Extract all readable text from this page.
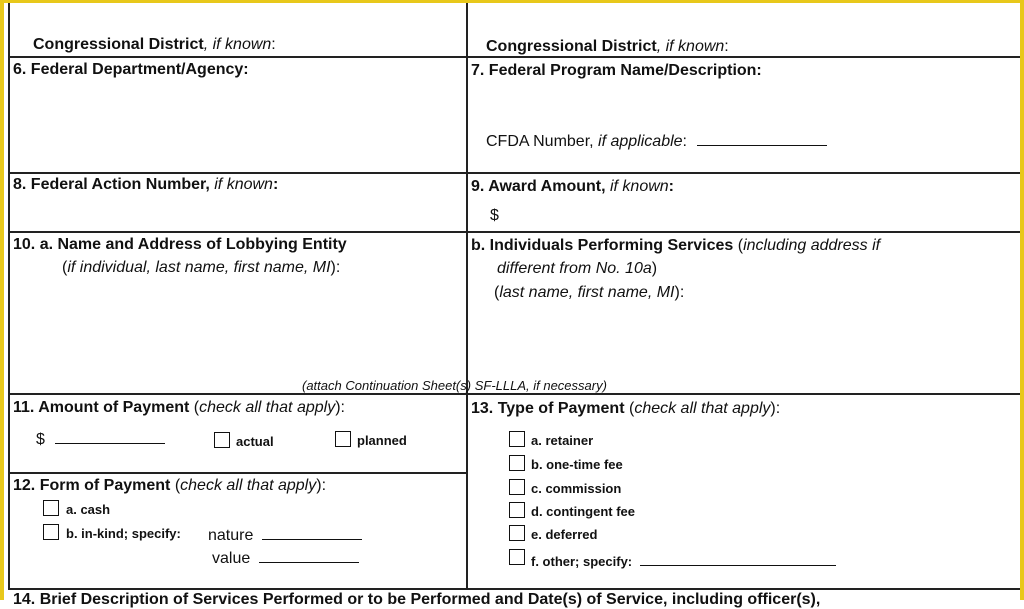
Congressional District, if known:	Congressional District, if known:
6. Federal Department/Agency:	7. Federal Program Name/Description:
CFDA Number, if applicable:
8. Federal Action Number, if known:	9. Award Amount, if known:
$
10. a. Name and Address of Lobbying Entity
(if individual, last name, first name, MI):
b. Individuals Performing Services (including address if
different from No. 10a)
(last name, first name, MI):
(attach Continuation Sheet(s) SF-LLLA, if necessary)
11. Amount of Payment (check all that apply):
$	actual	planned
12. Form of Payment (check all that apply):
a. cash
b. in-kind; specify: nature
value
13. Type of Payment (check all that apply):
a. retainer
b. one-time fee
c. commission
d. contingent fee
e. deferred
f. other; specify:
14. Brief Description of Services Performed or to be Performed and Date(s) of Service, including officer(s),
